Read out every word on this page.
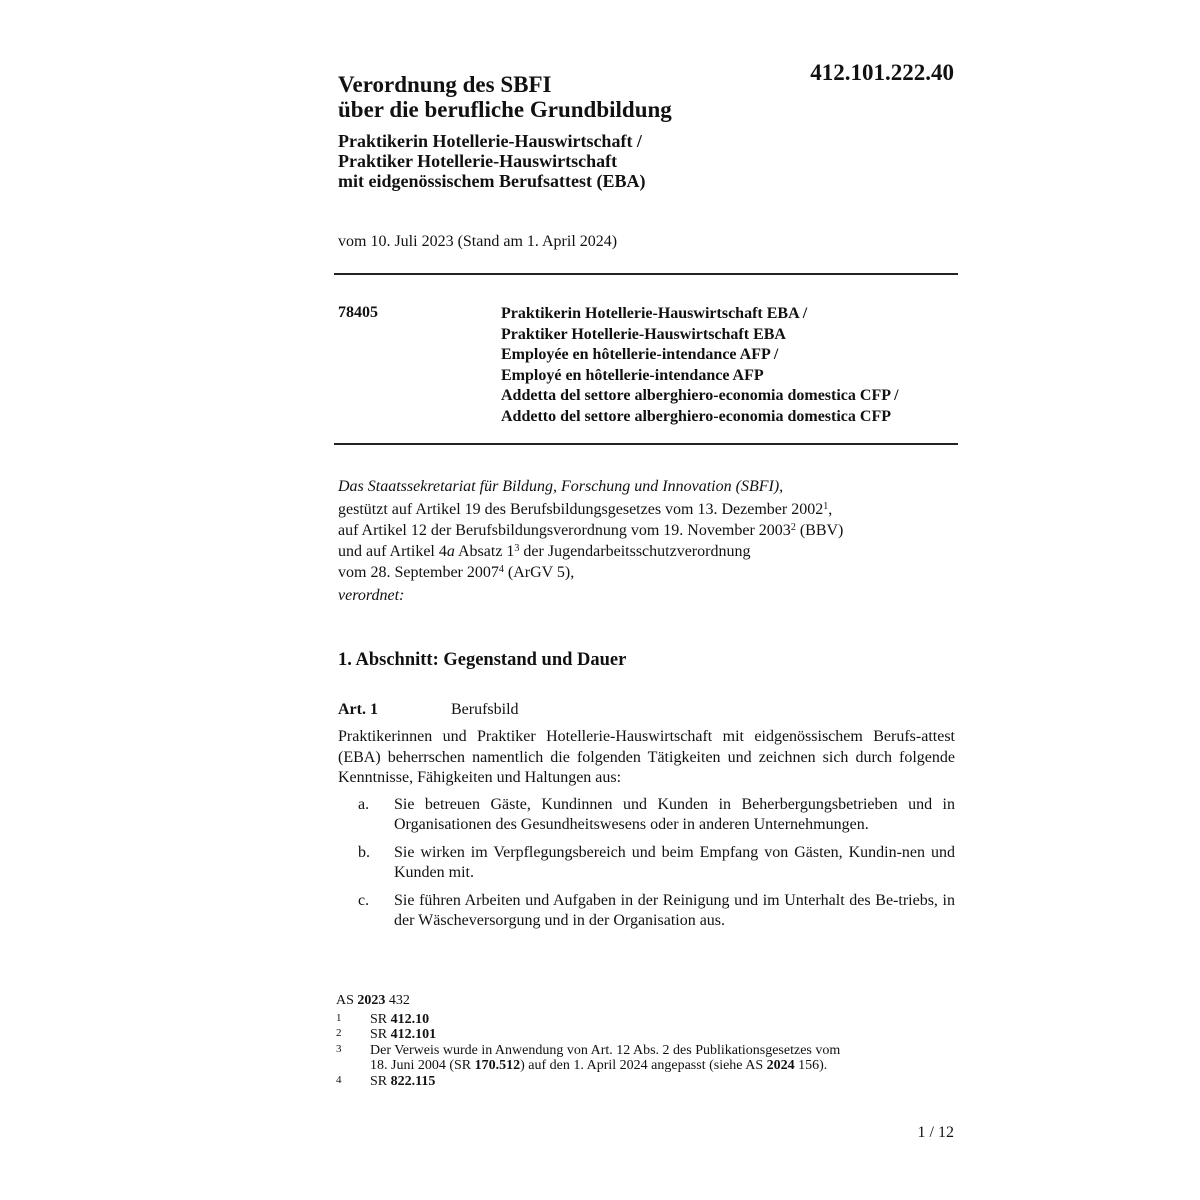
412.101.222.40
Verordnung des SBFI
über die berufliche Grundbildung
Praktikerin Hotellerie-Hauswirtschaft /
Praktiker Hotellerie-Hauswirtschaft
mit eidgenössischem Berufsattest (EBA)
vom 10. Juli 2023 (Stand am 1. April 2024)
78405	Praktikerin Hotellerie-Hauswirtschaft EBA /
Praktiker Hotellerie-Hauswirtschaft EBA
Employée en hôtellerie-intendance AFP /
Employé en hôtellerie-intendance AFP
Addetta del settore alberghiero-economia domestica CFP /
Addetto del settore alberghiero-economia domestica CFP
Das Staatssekretariat für Bildung, Forschung und Innovation (SBFI),
gestützt auf Artikel 19 des Berufsbildungsgesetzes vom 13. Dezember 2002$^1$,
auf Artikel 12 der Berufsbildungsverordnung vom 19. November 2003$^2$ (BBV)
und auf Artikel 4a Absatz $1^3$ der Jugendarbeitsschutzverordnung
vom 28. September 2007$^4$ (ArGV 5),
verordnet:
1. Abschnitt: Gegenstand und Dauer
Art. 1	Berufsbild

Praktikerinnen und Praktiker Hotellerie-Hauswirtschaft mit eidgenössischem Berufs-attest (EBA) beherrschen namentlich die folgenden Tätigkeiten und zeichnen sich durch folgende Kenntnisse, Fähigkeiten und Haltungen aus:

a.	Sie betreuen Gäste, Kundinnen und Kunden in Beherbergungsbetrieben und in Organisationen des Gesundheitswesens oder in anderen Unternehmungen.
b.	Sie wirken im Verpflegungsbereich und beim Empfang von Gästen, Kundin-nen und Kunden mit.
c.	Sie führen Arbeiten und Aufgaben in der Reinigung und im Unterhalt des Be-triebs, in der Wäscheversorgung und in der Organisation aus.
AS 2023 432
1	SR 412.10
2	SR 412.101
3	Der Verweis wurde in Anwendung von Art. 12 Abs. 2 des Publikationsgesetzes vom
18. Juni 2004 (SR 170.512) auf den 1. April 2024 angepasst (siehe AS 2024 156).
4	SR 822.115
1 / 12
